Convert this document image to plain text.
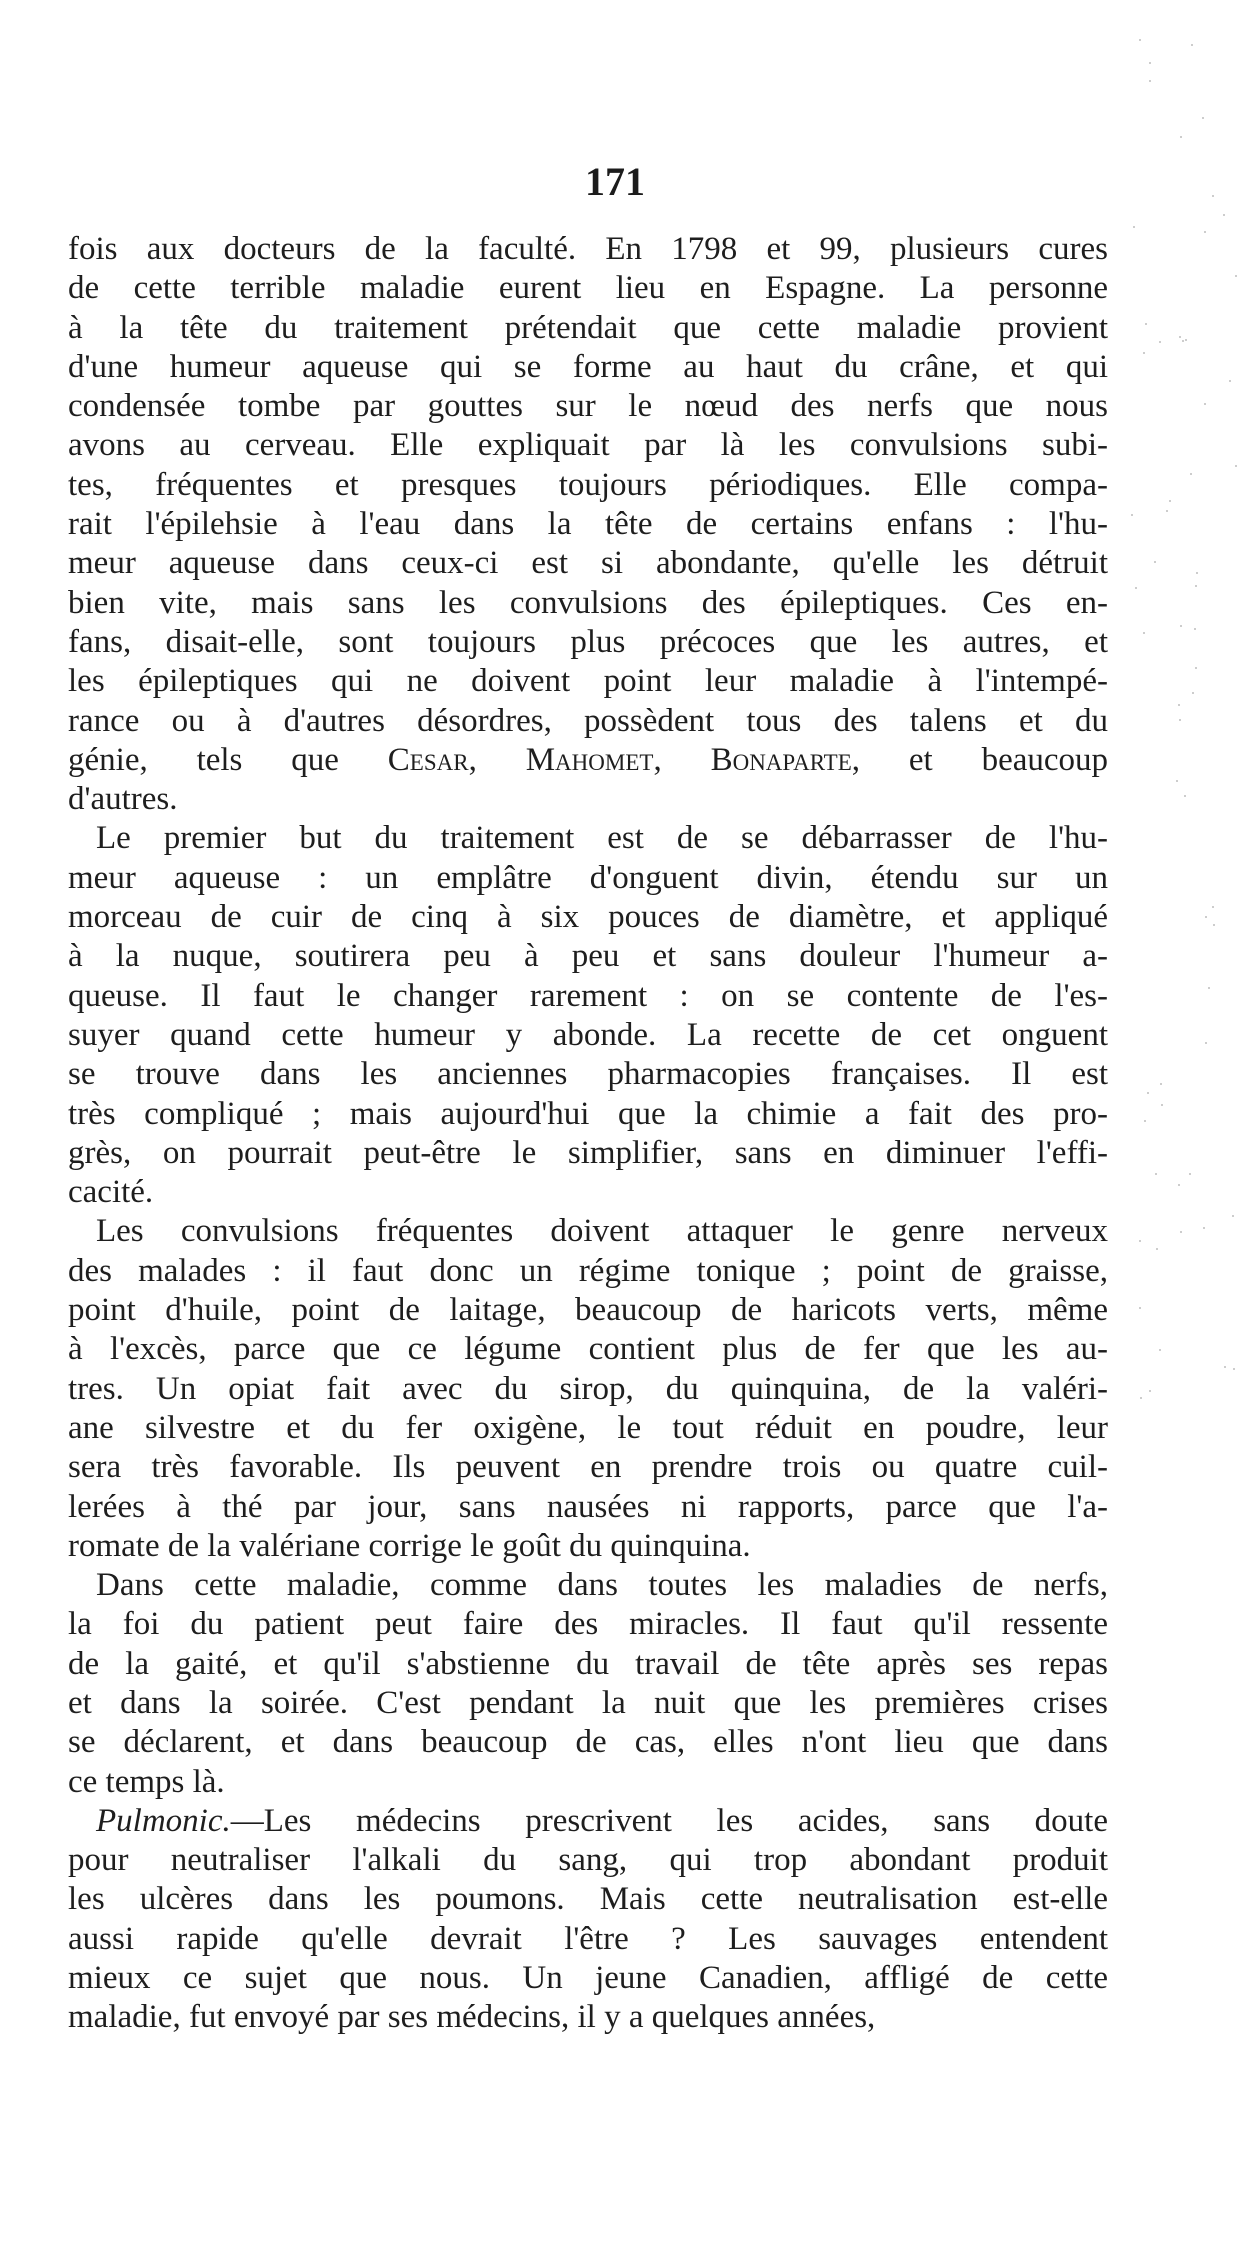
171
fois aux docteurs de la faculté. En 1798 et 99, plusieurs cures
de cette terrible maladie eurent lieu en Espagne. La personne
à la tête du traitement prétendait que cette maladie provient
d'une humeur aqueuse qui se forme au haut du crâne, et qui
condensée tombe par gouttes sur le nœud des nerfs que nous
avons au cerveau. Elle expliquait par là les convulsions subi-
tes, fréquentes et presques toujours périodiques. Elle compa-
rait l'épilehsie à l'eau dans la tête de certains enfans : l'hu-
meur aqueuse dans ceux-ci est si abondante, qu'elle les détruit
bien vite, mais sans les convulsions des épileptiques. Ces en-
fans, disait-elle, sont toujours plus précoces que les autres, et
les épileptiques qui ne doivent point leur maladie à l'intempé-
rance ou à d'autres désordres, possèdent tous des talens et du
génie, tels que Cesar, Mahomet, Bonaparte, et beaucoup
d'autres.
Le premier but du traitement est de se débarrasser de l'hu-
meur aqueuse : un emplâtre d'onguent divin, étendu sur un
morceau de cuir de cinq à six pouces de diamètre, et appliqué
à la nuque, soutirera peu à peu et sans douleur l'humeur a-
queuse. Il faut le changer rarement : on se contente de l'es-
suyer quand cette humeur y abonde. La recette de cet onguent
se trouve dans les anciennes pharmacopies françaises. Il est
très compliqué ; mais aujourd'hui que la chimie a fait des pro-
grès, on pourrait peut-être le simplifier, sans en diminuer l'effi-
cacité.
Les convulsions fréquentes doivent attaquer le genre nerveux
des malades : il faut donc un régime tonique ; point de graisse,
point d'huile, point de laitage, beaucoup de haricots verts, même
à l'excès, parce que ce légume contient plus de fer que les au-
tres. Un opiat fait avec du sirop, du quinquina, de la valéri-
ane silvestre et du fer oxigène, le tout réduit en poudre, leur
sera très favorable. Ils peuvent en prendre trois ou quatre cuil-
lerées à thé par jour, sans nausées ni rapports, parce que l'a-
romate de la valériane corrige le goût du quinquina.
Dans cette maladie, comme dans toutes les maladies de nerfs,
la foi du patient peut faire des miracles. Il faut qu'il ressente
de la gaité, et qu'il s'abstienne du travail de tête après ses repas
et dans la soirée. C'est pendant la nuit que les premières crises
se déclarent, et dans beaucoup de cas, elles n'ont lieu que dans
ce temps là.
Pulmonic.—Les médecins prescrivent les acides, sans doute
pour neutraliser l'alkali du sang, qui trop abondant produit
les ulcères dans les poumons. Mais cette neutralisation est-elle
aussi rapide qu'elle devrait l'être ? Les sauvages entendent
mieux ce sujet que nous. Un jeune Canadien, affligé de cette
maladie, fut envoyé par ses médecins, il y a quelques années,
